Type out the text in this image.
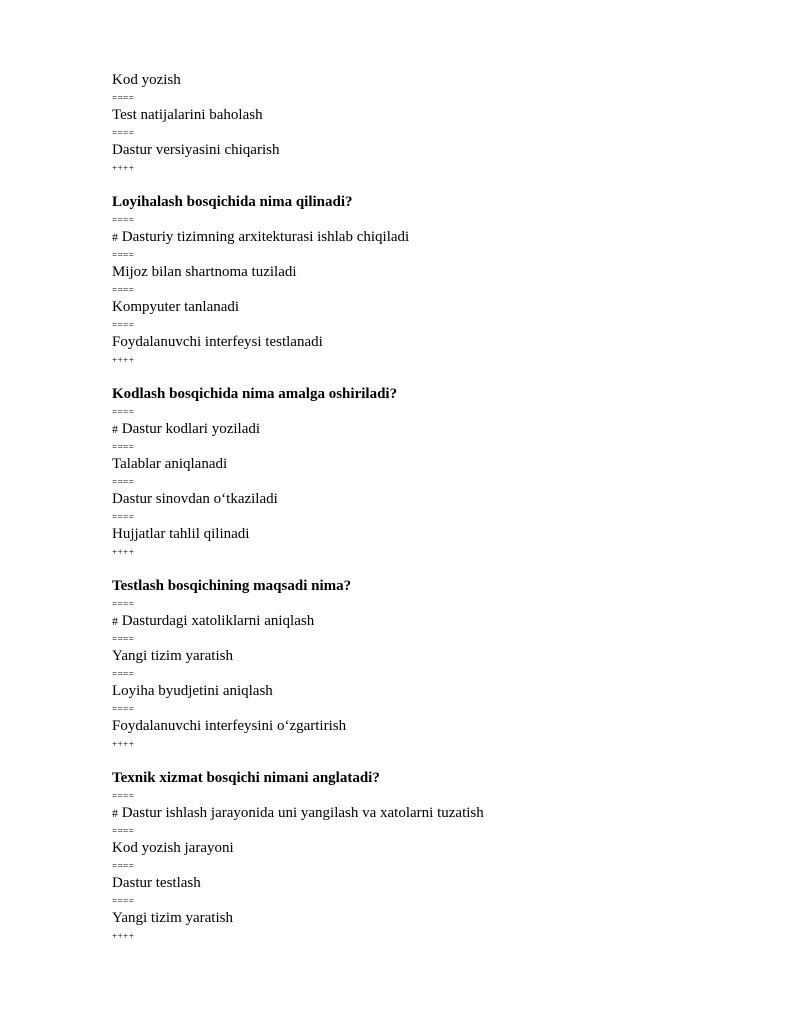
Kod yozish
====
Test natijalarini baholash
====
Dastur versiyasini chiqarish
++++
Loyihalash bosqichida nima qilinadi?
====
# Dasturiy tizimning arxitekturasi ishlab chiqiladi
====
Mijoz bilan shartnoma tuziladi
====
Kompyuter tanlanadi
====
Foydalanuvchi interfeysi testlanadi
++++
Kodlash bosqichida nima amalga oshiriladi?
====
# Dastur kodlari yoziladi
====
Talablar aniqlanadi
====
Dastur sinovdan o‘tkaziladi
====
Hujjatlar tahlil qilinadi
++++
Testlash bosqichining maqsadi nima?
====
# Dasturdagi xatoliklarni aniqlash
====
Yangi tizim yaratish
====
Loyiha byudjetini aniqlash
====
Foydalanuvchi interfeysini o‘zgartirish
++++
Texnik xizmat bosqichi nimani anglatadi?
====
# Dastur ishlash jarayonida uni yangilash va xatolarni tuzatish
====
Kod yozish jarayoni
====
Dastur testlash
====
Yangi tizim yaratish
++++
